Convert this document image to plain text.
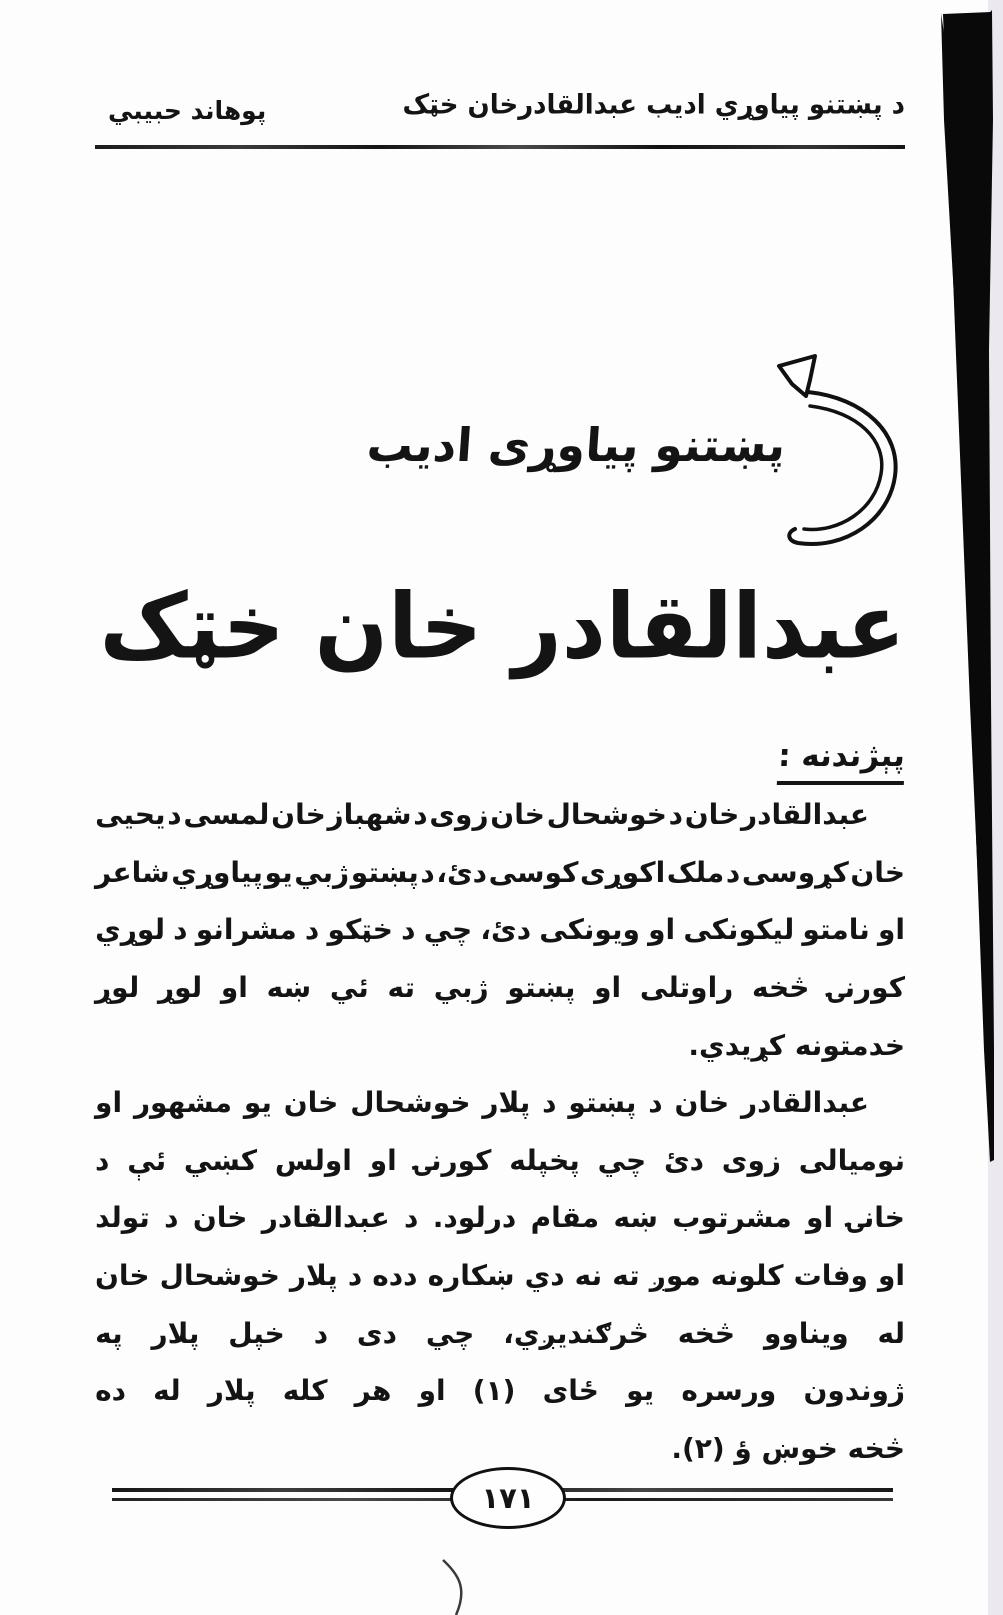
د پښتنو پياوړي اديب عبدالقادرخان خټک
پوهاند حبيبي
پښتنو پیاوړی ادیب
عبدالقادر خان خټک
پېژندنه :
عبدالقادر
خان
د
خوشحال
خان
زوی
د
شهباز
خان
لمسی
د
يحيی
خان
کړوسی
د
ملک
اکوړی
کوسی
دئ،
د
پښتو
ژبي
يو
پياوړي
شاعر
او
نامتو
ليکونکی
او
ويونکی
دئ،
چي
د
خټکو
د
مشرانو
د
لوړي
کورنۍ
څخه
راوتلی
او
پښتو
ژبي
ته
ئي
ښه
او
لوړ
لوړ
خدمتونه کړيدي.
عبدالقادر
خان
د
پښتو
د
پلار
خوشحال
خان
يو
مشهور
او
نوميالی
زوی
دئ
چي
پخپله
کورنۍ
او
اولس
کښي
ئې
د
خانۍ
او
مشرتوب
ښه
مقام
درلود.
د
عبدالقادر
خان
د
تولد
او
وفات
کلونه
موږ
ته
نه
دي
ښکاره
دده
د
پلار
خوشحال
خان
له
ويناوو
څخه
څرګنديږي،
چي
دی
د
خپل
پلار
په
ژوندون
ورسره
يو
ځای
(۱)
او
هر
کله
پلار
له
ده
څخه خوښ ؤ (۲).
۱۷۱
